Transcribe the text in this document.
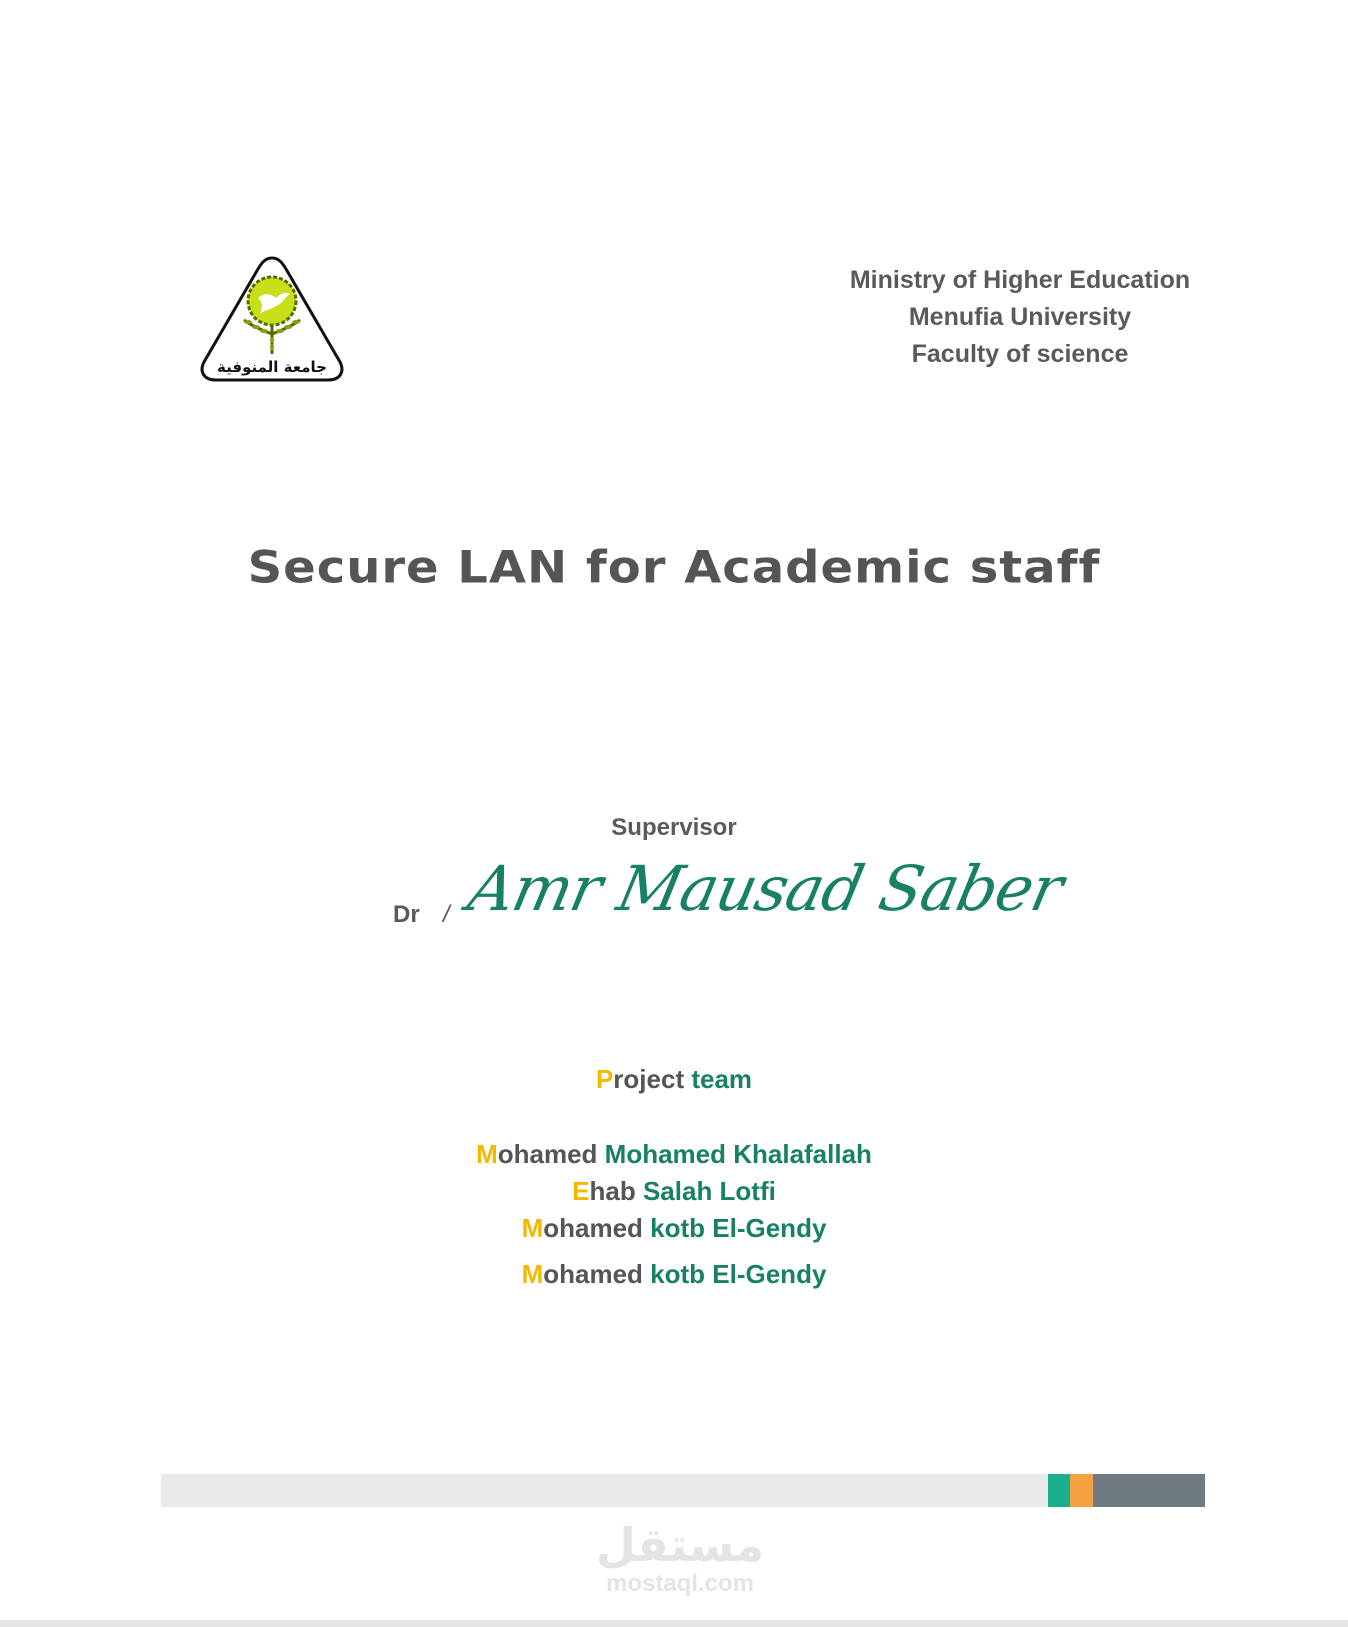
جامعة المنوفية
Ministry of Higher Education
Menufia University
Faculty of science
Secure LAN for Academic staff
Supervisor
Dr / Amr Mausad Saber
Project team
Mohamed Mohamed Khalafallah
Ehab Salah Lotfi
Mohamed kotb El-Gendy
Mohamed kotb El-Gendy
مستقل
mostaql.com
